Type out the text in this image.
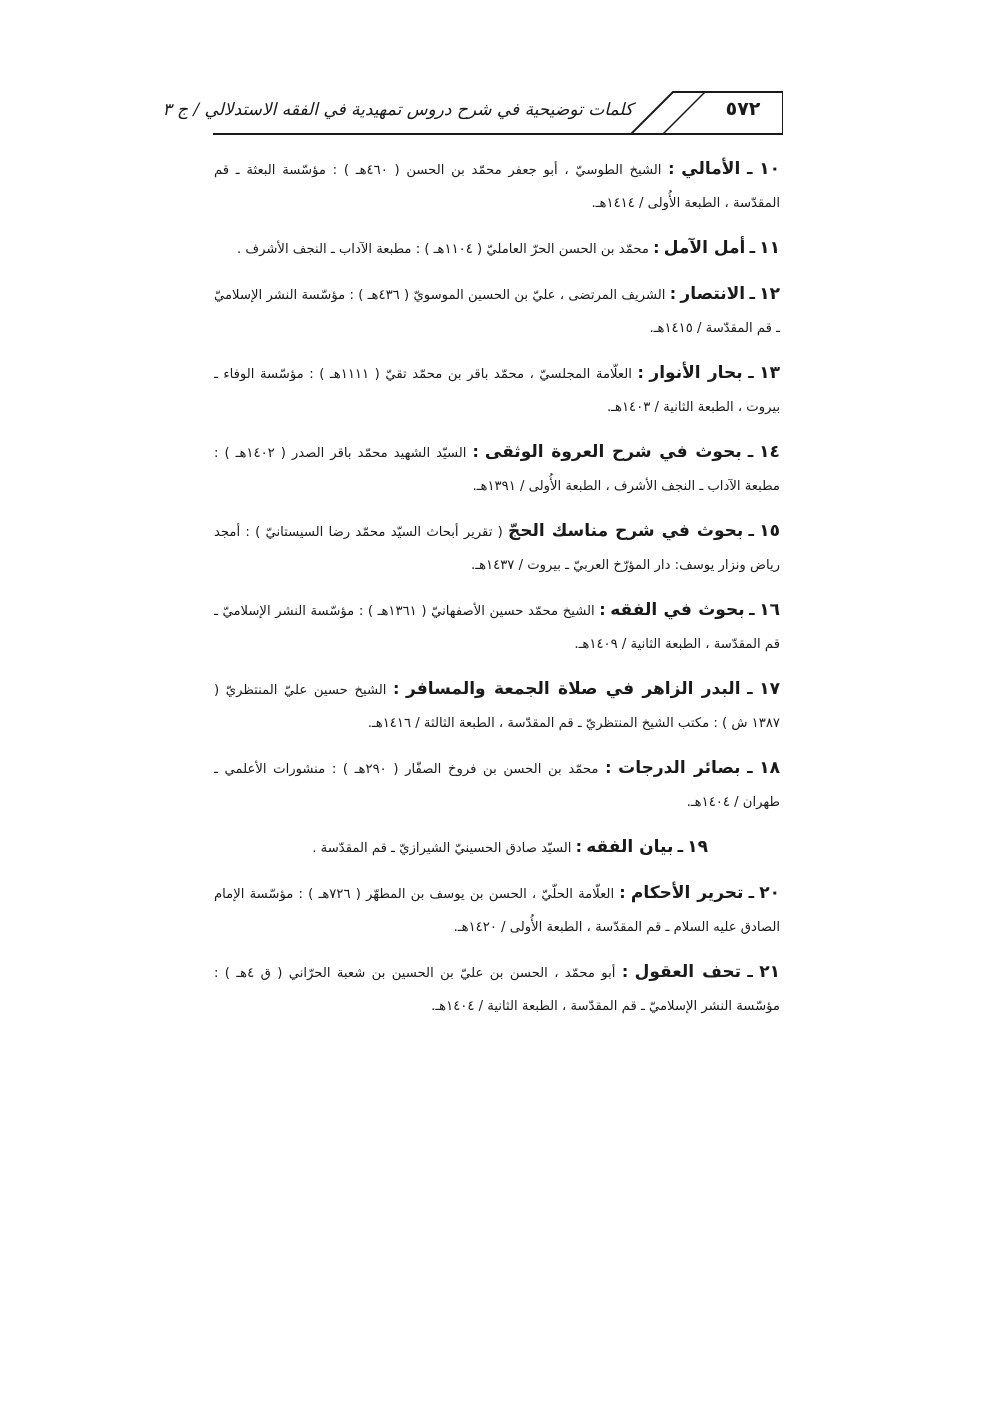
٥٧٢
كلمات توضيحية في شرح دروس تمهيدية في الفقه الاستدلالي / ج ٣

١٠ ـ الأمالي : الشيخ الطوسيّ ، أبو جعفر محمّد بن الحسن ( ٤٦٠هـ ) : مؤسّسة البعثة ـ قم المقدّسة ، الطبعة الأُولى / ١٤١٤هـ.

١١ ـ أمل الآمل : محمّد بن الحسن الحرّ العامليّ ( ١١٠٤هـ ) : مطبعة الآداب ـ النجف الأشرف .

١٢ ـ الانتصار : الشريف المرتضى ، عليّ بن الحسين الموسويّ ( ٤٣٦هـ ) : مؤسّسة النشر الإسلاميّ ـ قم المقدّسة / ١٤١٥هـ.

١٣ ـ بحار الأنوار : العلّامة المجلسيّ ، محمّد باقر بن محمّد تقيّ ( ١١١١هـ ) : مؤسّسة الوفاء ـ بيروت ، الطبعة الثانية / ١٤٠٣هـ.

١٤ ـ بحوث في شرح العروة الوثقى : السيّد الشهيد محمّد باقر الصدر ( ١٤٠٢هـ ) : مطبعة الآداب ـ النجف الأشرف ، الطبعة الأُولى / ١٣٩١هـ.

١٥ ـ بحوث في شرح مناسك الحجّ ( تقرير أبحاث السيّد محمّد رضا السيستانيّ ) : أمجد رياض ونزار يوسف: دار المؤرّخ العربيّ ـ بيروت / ١٤٣٧هـ.

١٦ ـ بحوث في الفقه : الشيخ محمّد حسين الأصفهانيّ ( ١٣٦١هـ ) : مؤسّسة النشر الإسلاميّ ـ قم المقدّسة ، الطبعة الثانية / ١٤٠٩هـ.

١٧ ـ البدر الزاهر في صلاة الجمعة والمسافر : الشيخ حسين عليّ المنتظريّ ( ١٣٨٧ ش ) : مكتب الشيخ المنتظريّ ـ قم المقدّسة ، الطبعة الثالثة / ١٤١٦هـ.

١٨ ـ بصائر الدرجات : محمّد بن الحسن بن فروخ الصفّار ( ٢٩٠هـ ) : منشورات الأعلمي ـ طهران / ١٤٠٤هـ.

١٩ ـ بيان الفقه : السيّد صادق الحسينيّ الشيرازيّ ـ قم المقدّسة .

٢٠ ـ تحرير الأحكام : العلّامة الحلّيّ ، الحسن بن يوسف بن المطهّر ( ٧٢٦هـ ) : مؤسّسة الإمام الصادق عليه السلام ـ قم المقدّسة ، الطبعة الأُولى / ١٤٢٠هـ.

٢١ ـ تحف العقول : أبو محمّد ، الحسن بن عليّ بن الحسين بن شعبة الحرّاني ( ق ٤هـ ) : مؤسّسة النشر الإسلاميّ ـ قم المقدّسة ، الطبعة الثانية / ١٤٠٤هـ.
